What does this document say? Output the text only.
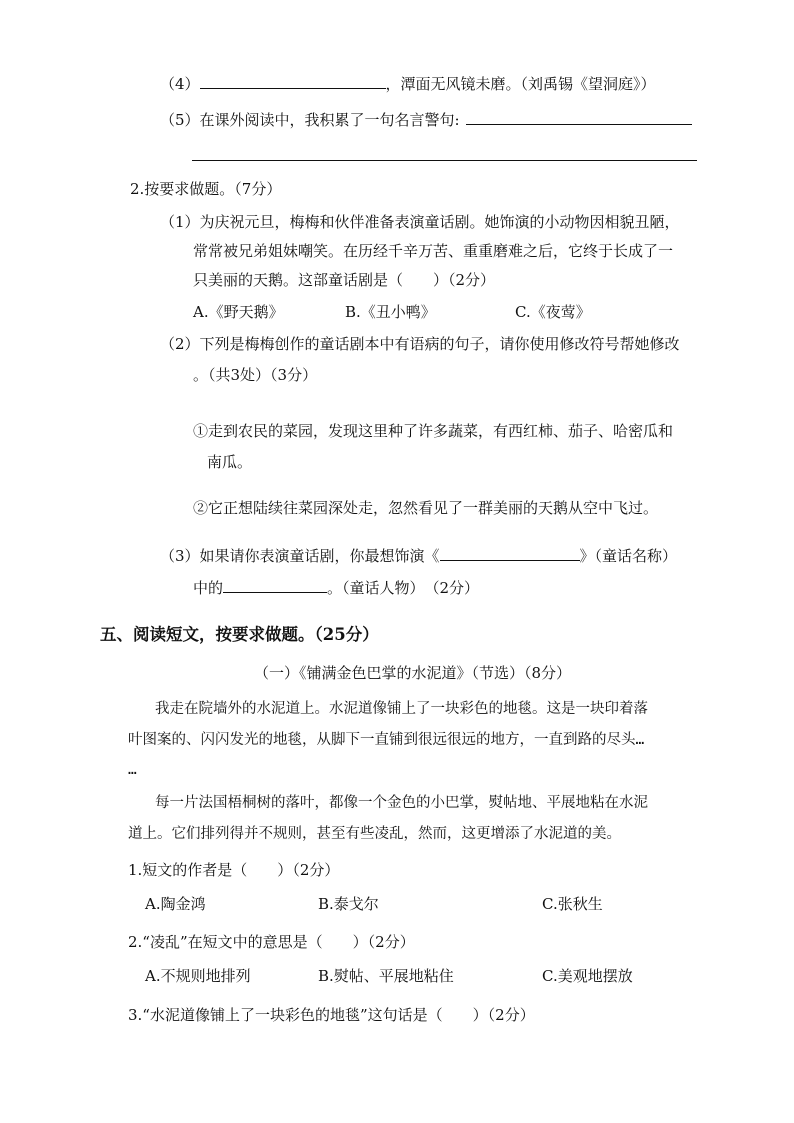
（4）	，潭面无风镜未磨。（刘禹锡《望洞庭》）
（5）在课外阅读中，我积累了一句名言警句:
2.按要求做题。（7分）
（1）为庆祝元旦，梅梅和伙伴准备表演童话剧。她饰演的小动物因相貌丑陋，
常常被兄弟姐妹嘲笑。在历经千辛万苦、重重磨难之后，它终于长成了一
只美丽的天鹅。这部童话剧是（　　）（2分）
A.《野天鹅》	B.《丑小鸭》	C.《夜莺》
（2）下列是梅梅创作的童话剧本中有语病的句子，请你使用修改符号帮她修改
。（共3处）（3分）
①走到农民的菜园，发现这里种了许多蔬菜，有西红柿、茄子、哈密瓜和
南瓜。
②它正想陆续往菜园深处走，忽然看见了一群美丽的天鹅从空中飞过。
（3）如果请你表演童话剧，你最想饰演《	》（童话名称）
中的	。（童话人物）　（2分）
五、阅读短文，按要求做题。（25分）
（一）《铺满金色巴掌的水泥道》（节选）（8分）
我走在院墙外的水泥道上。水泥道像铺上了一块彩色的地毯。这是一块印着落
叶图案的、闪闪发光的地毯，从脚下一直铺到很远很远的地方，一直到路的尽头…
…
每一片法国梧桐树的落叶，都像一个金色的小巴掌，熨帖地、平展地粘在水泥
道上。它们排列得并不规则，甚至有些凌乱，然而，这更增添了水泥道的美。
1.短文的作者是（　　）（2分）
A.陶金鸿	B.泰戈尔	C.张秋生
2.“凌乱”在短文中的意思是（　　）（2分）
A.不规则地排列	B.熨帖、平展地粘住	C.美观地摆放
3.“水泥道像铺上了一块彩色的地毯”这句话是（　　）（2分）
